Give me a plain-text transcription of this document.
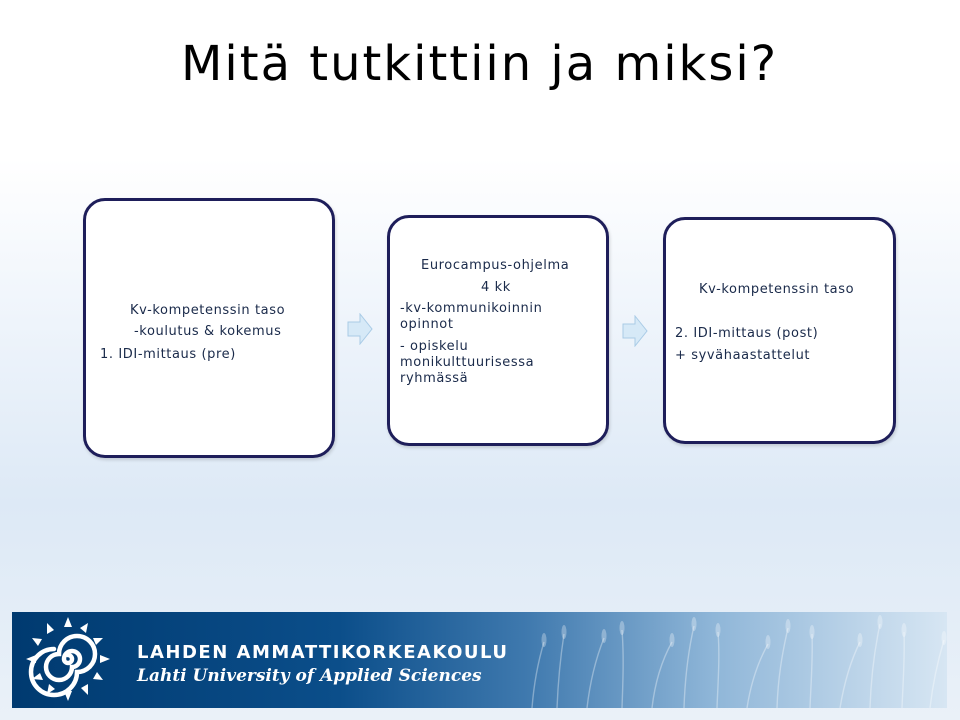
Mitä tutkittiin ja miksi?

Kv-kompetenssin taso

-koulutus & kokemus

1. IDI-mittaus (pre)

Eurocampus-ohjelma

4 kk

-kv-kommunikoinnin

opinnot

- opiskelu

monikulttuurisessa

ryhmässä

Kv-kompetenssin taso

2. IDI-mittaus (post)

+ syvähaastattelut

LAHDEN AMMATTIKORKEAKOULU
Lahti University of Applied Sciences
